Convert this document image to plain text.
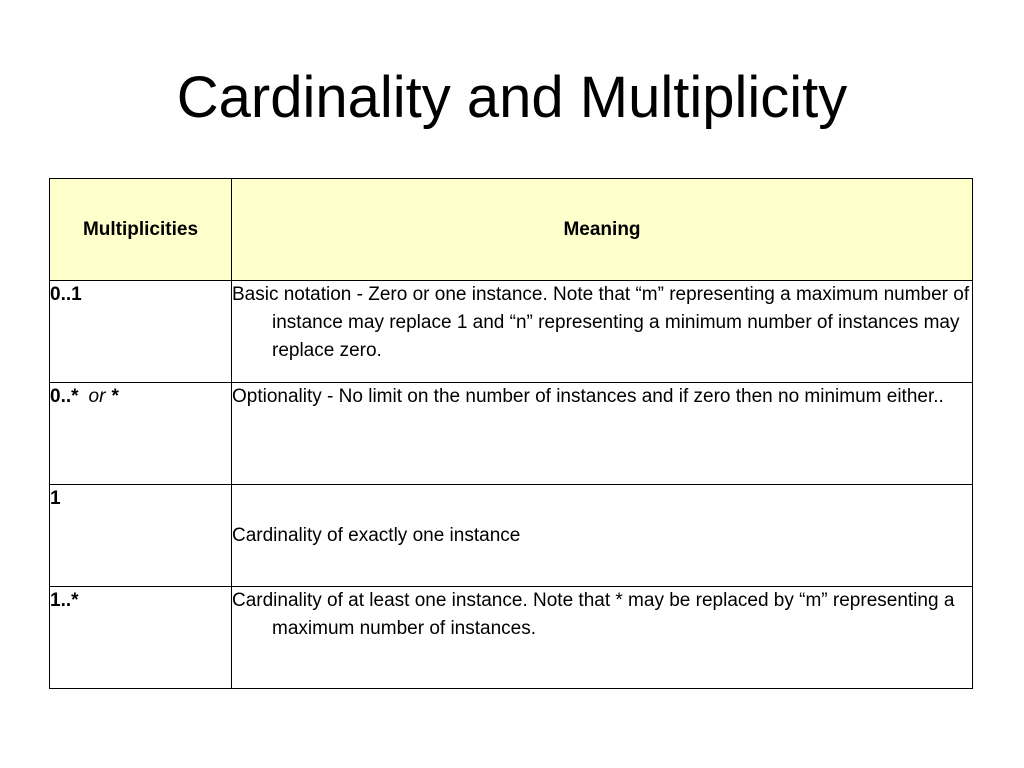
Cardinality and Multiplicity
Multiplicities	Meaning
0..1	Basic notation - Zero or one instance. Note that “m” representing a maximum number of instance may replace 1 and “n” representing a minimum number of instances may replace zero.

0..* or *	Optionality - No limit on the number of instances and if zero then no minimum either..

1	Cardinality of exactly one instance

1..*	Cardinality of at least one instance. Note that * may be replaced by “m” representing a maximum number of instances.
